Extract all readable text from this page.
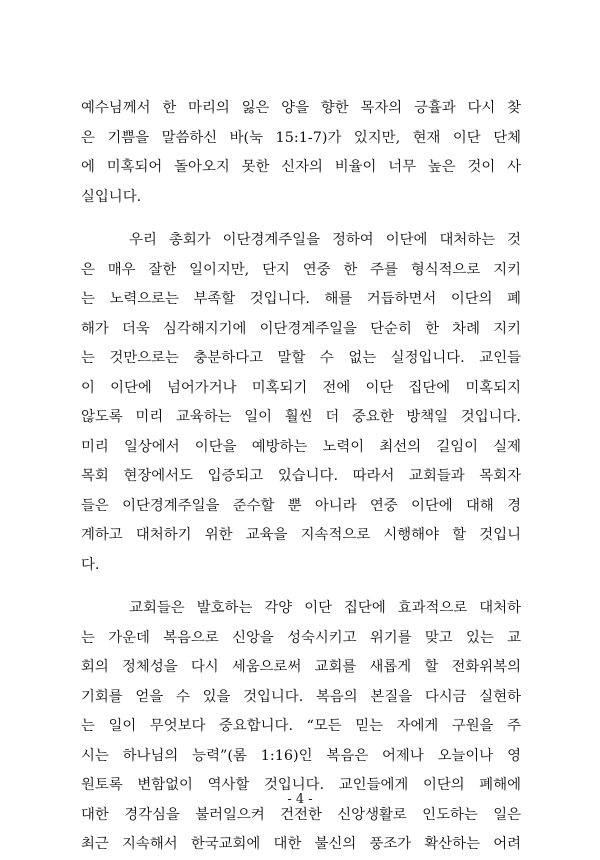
예수님께서 한 마리의 잃은 양을 향한 목자의 긍휼과 다시 찾
은 기쁨을 말씀하신 바(눅 15:1-7)가 있지만, 현재 이단 단체
에 미혹되어 돌아오지 못한 신자의 비율이 너무 높은 것이 사
실입니다.

우리 총회가 이단경계주일을 정하여 이단에 대처하는 것
은 매우 잘한 일이지만, 단지 연중 한 주를 형식적으로 지키
는 노력으로는 부족할 것입니다. 해를 거듭하면서 이단의 폐
해가 더욱 심각해지기에 이단경계주일을 단순히 한 차례 지키
는 것만으로는 충분하다고 말할 수 없는 실정입니다. 교인들
이 이단에 넘어가거나 미혹되기 전에 이단 집단에 미혹되지
않도록 미리 교육하는 일이 훨씬 더 중요한 방책일 것입니다.
미리 일상에서 이단을 예방하는 노력이 최선의 길임이 실제
목회 현장에서도 입증되고 있습니다. 따라서 교회들과 목회자
들은 이단경계주일을 준수할 뿐 아니라 연중 이단에 대해 경
계하고 대처하기 위한 교육을 지속적으로 시행해야 할 것입니
다.

교회들은 발호하는 각양 이단 집단에 효과적으로 대처하
는 가운데 복음으로 신앙을 성숙시키고 위기를 맞고 있는 교
회의 정체성을 다시 세움으로써 교회를 새롭게 할 전화위복의
기회를 얻을 수 있을 것입니다. 복음의 본질을 다시금 실현하
는 일이 무엇보다 중요합니다. “모든 믿는 자에게 구원을 주
시는 하나님의 능력”(롬 1:16)인 복음은 어제나 오늘이나 영
원토록 변함없이 역사할 것입니다. 교인들에게 이단의 폐해에
대한 경각심을 불러일으켜 건전한 신앙생활로 인도하는 일은
최근 지속해서 한국교회에 대한 불신의 풍조가 확산하는 어려

- 4 -
